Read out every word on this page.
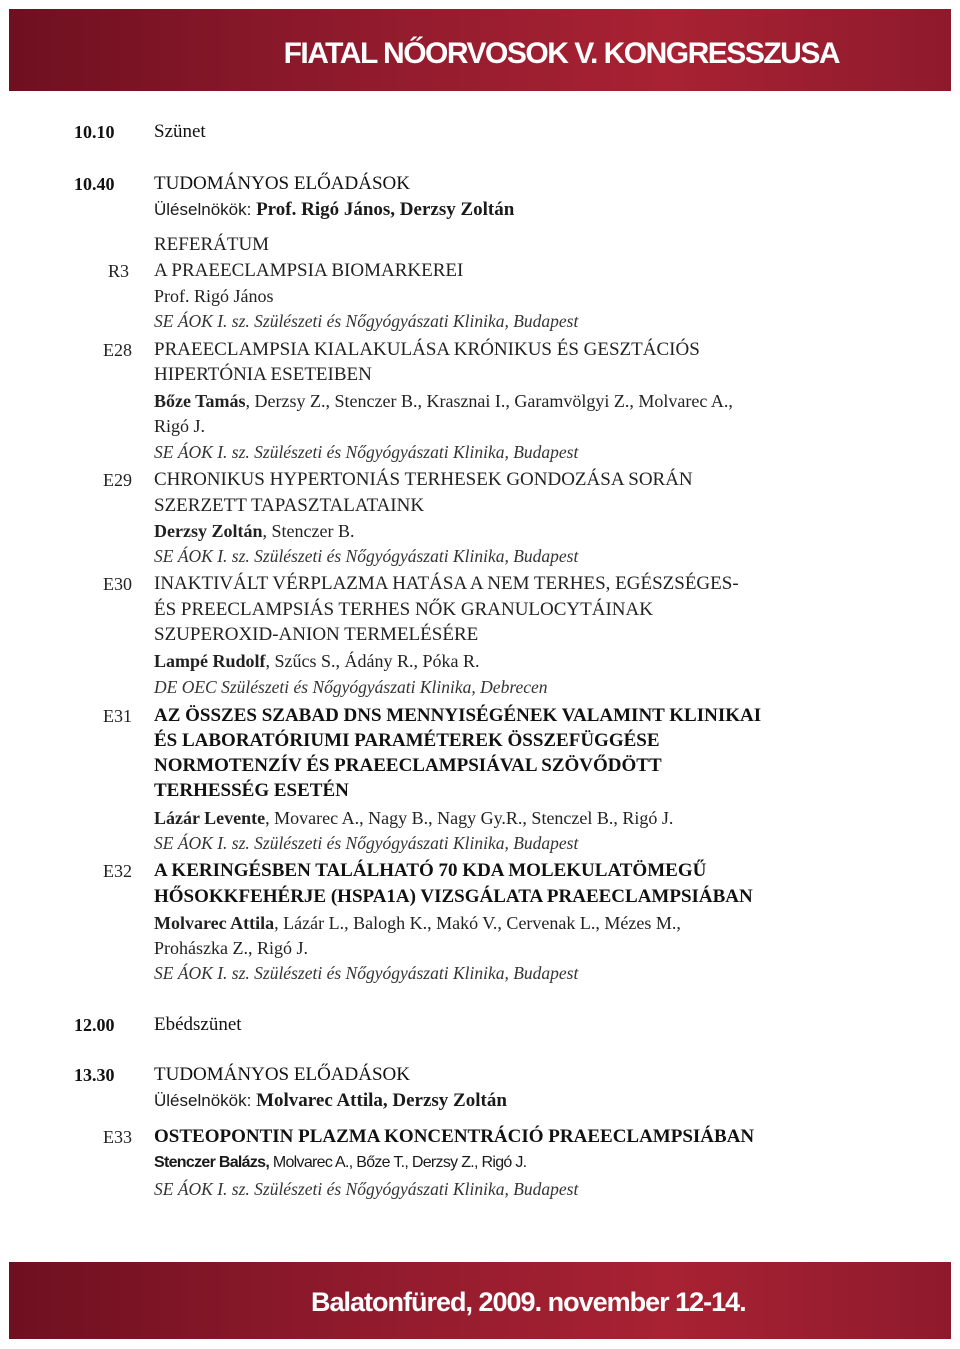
FIATAL NŐORVOSOK V. KONGRESSZUSA
10.10 Szünet
10.40 TUDOMÁNYOS ELŐADÁSOK
Üléselnökök: Prof. Rigó János, Derzsy Zoltán
REFERÁTUM
R3 A PRAEECLAMPSIA BIOMARKEREI
Prof. Rigó János
SE ÁOK I. sz. Szülészeti és Nőgyógyászati Klinika, Budapest
E28 PRAEECLAMPSIA KIALAKULÁSA KRÓNIKUS ÉS GESZTÁCIÓS
HIPERTÓNIA ESETEIBEN
Bőze Tamás, Derzsy Z., Stenczer B., Krasznai I., Garamvölgyi Z., Molvarec A.,
Rigó J.
SE ÁOK I. sz. Szülészeti és Nőgyógyászati Klinika, Budapest
E29 CHRONIKUS HYPERTONIÁS TERHESEK GONDOZÁSA SORÁN
SZERZETT TAPASZTALATAINK
Derzsy Zoltán, Stenczer B.
SE ÁOK I. sz. Szülészeti és Nőgyógyászati Klinika, Budapest
E30 INAKTIVÁLT VÉRPLAZMA HATÁSA A NEM TERHES, EGÉSZSÉGES-
ÉS PREECLAMPSIÁS TERHES NŐK GRANULOCYTÁINAK
SZUPEROXID-ANION TERMELÉSÉRE
Lampé Rudolf, Szűcs S., Ádány R., Póka R.
DE OEC Szülészeti és Nőgyógyászati Klinika, Debrecen
E31 AZ ÖSSZES SZABAD DNS MENNYISÉGÉNEK VALAMINT KLINIKAI
ÉS LABORATÓRIUMI PARAMÉTEREK ÖSSZEFÜGGÉSE
NORMOTENZÍV ÉS PRAEECLAMPSIÁVAL SZÖVŐDÖTT
TERHESSÉG ESETÉN
Lázár Levente, Movarec A., Nagy B., Nagy Gy.R., Stenczel B., Rigó J.
SE ÁOK I. sz. Szülészeti és Nőgyógyászati Klinika, Budapest
E32 A KERINGÉSBEN TALÁLHATÓ 70 KDA MOLEKULATÖMEGŰ
HŐSOKKFEHÉRJE (HSPA1A) VIZSGÁLATA PRAEECLAMPSIÁBAN
Molvarec Attila, Lázár L., Balogh K., Makó V., Cervenak L., Mézes M.,
Prohászka Z., Rigó J.
SE ÁOK I. sz. Szülészeti és Nőgyógyászati Klinika, Budapest
12.00 Ebédszünet
13.30 TUDOMÁNYOS ELŐADÁSOK
Üléselnökök: Molvarec Attila, Derzsy Zoltán
E33 OSTEOPONTIN PLAZMA KONCENTRÁCIÓ PRAEECLAMPSIÁBAN
Stenczer Balázs, Molvarec A., Bőze T., Derzsy Z., Rigó J.
SE ÁOK I. sz. Szülészeti és Nőgyógyászati Klinika, Budapest
Balatonfüred, 2009. november 12-14.
